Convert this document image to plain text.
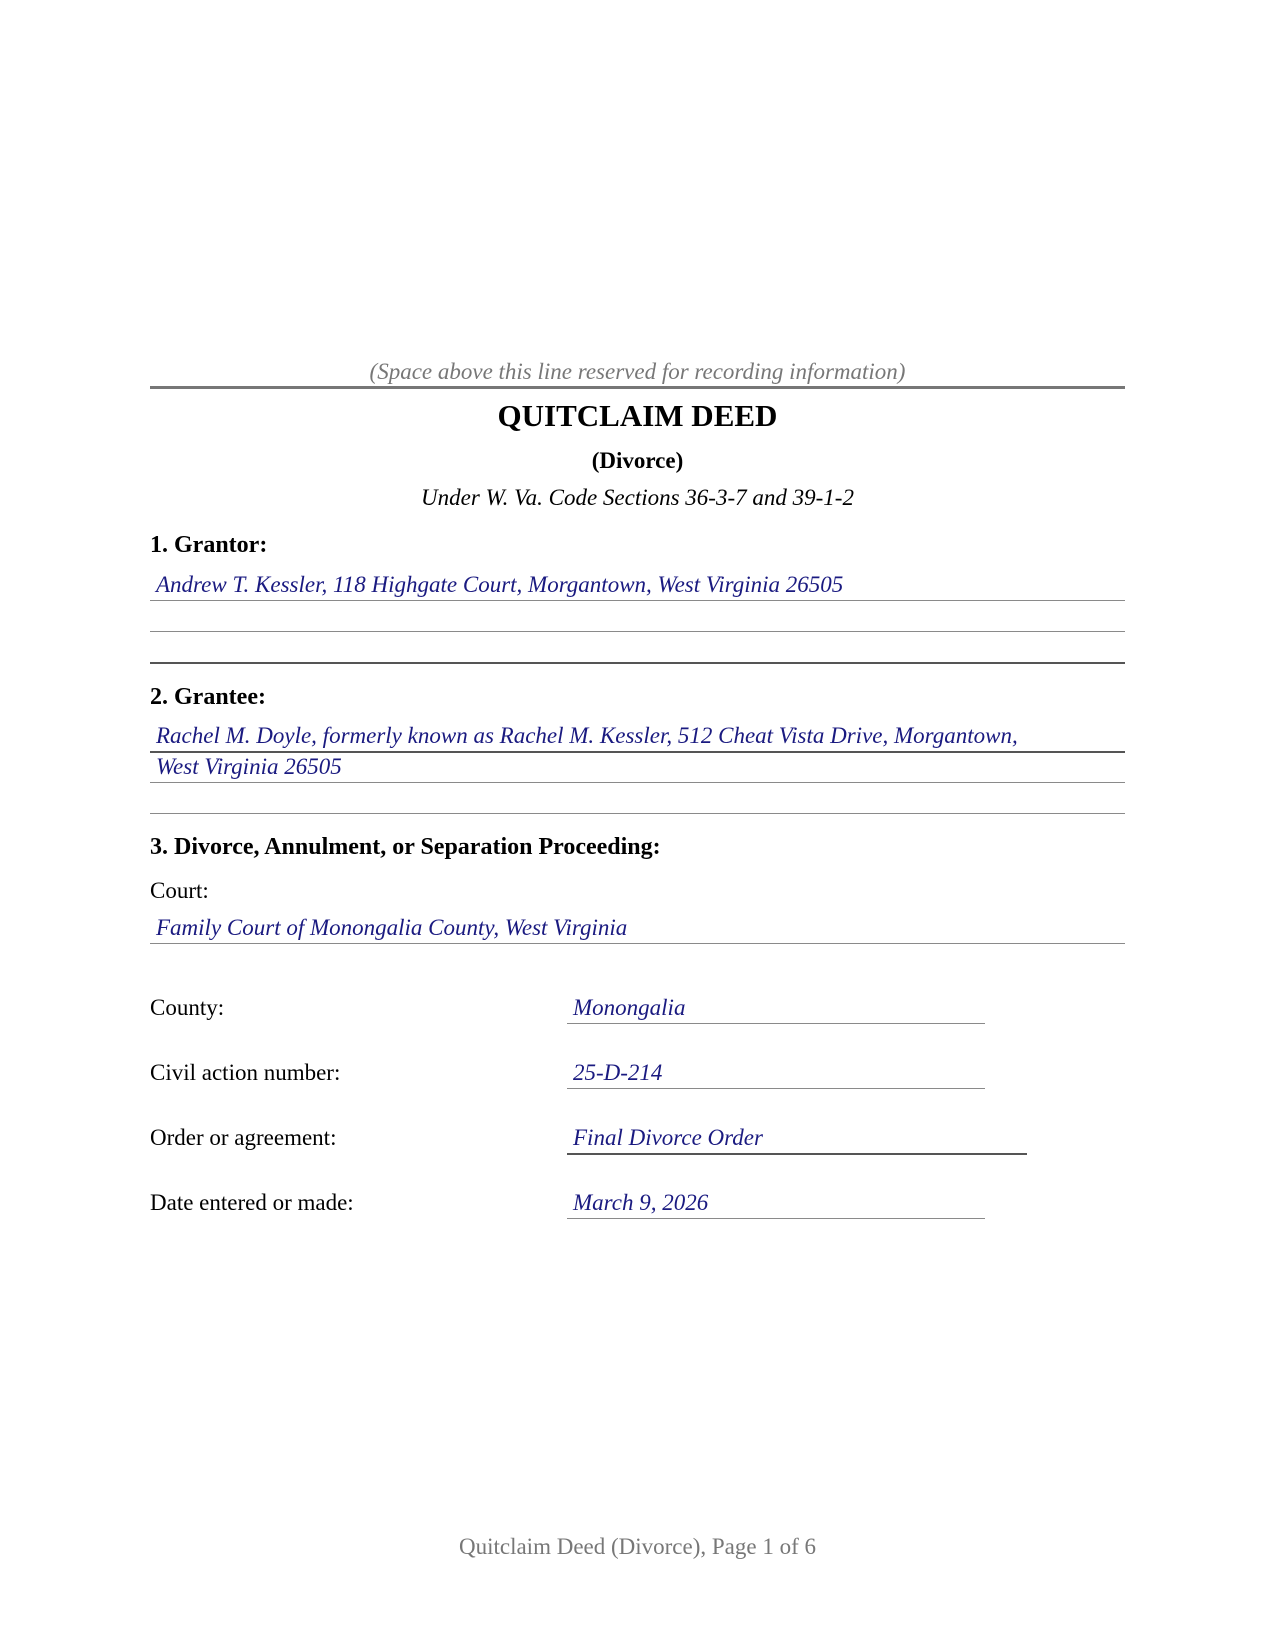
(Space above this line reserved for recording information)
QUITCLAIM DEED
(Divorce)
Under W. Va. Code Sections 36-3-7 and 39-1-2
1. Grantor:
Andrew T. Kessler, 118 Highgate Court, Morgantown, West Virginia 26505
2. Grantee:
Rachel M. Doyle, formerly known as Rachel M. Kessler, 512 Cheat Vista Drive, Morgantown,
West Virginia 26505
3. Divorce, Annulment, or Separation Proceeding:
Court:
Family Court of Monongalia County, West Virginia
County:	Monongalia
Civil action number:	25-D-214
Order or agreement:	Final Divorce Order
Date entered or made:	March 9, 2026
Quitclaim Deed (Divorce), Page 1 of 6
